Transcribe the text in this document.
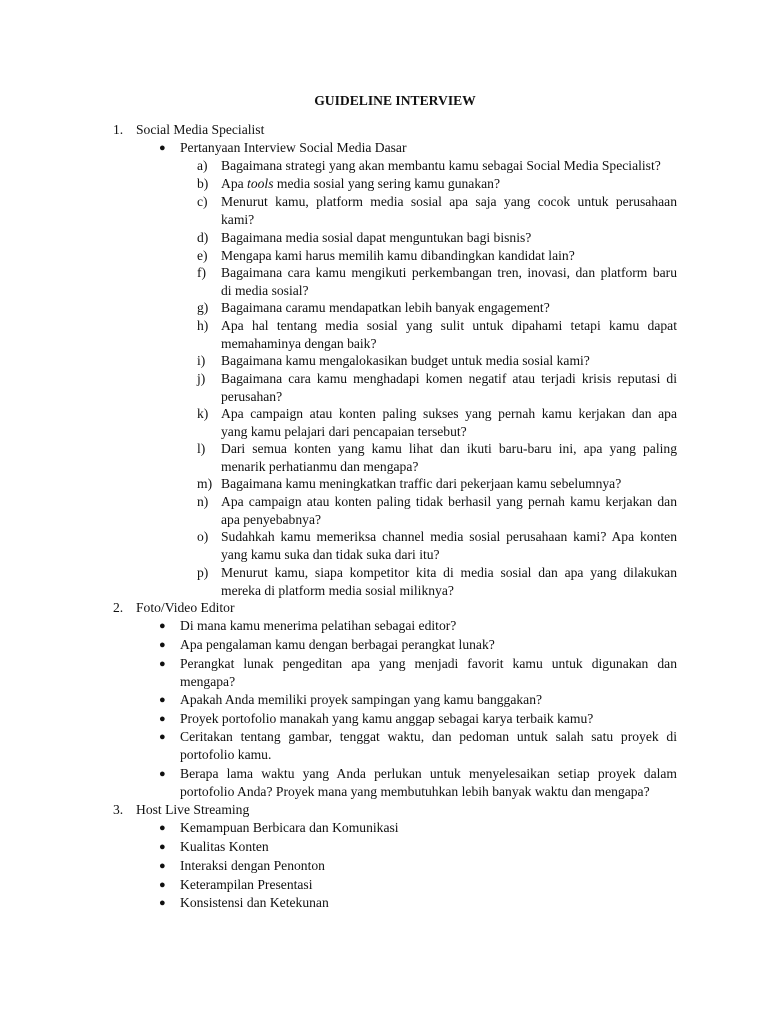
GUIDELINE INTERVIEW
1. Social Media Specialist
● Pertanyaan Interview Social Media Dasar
a) Bagaimana strategi yang akan membantu kamu sebagai Social Media Specialist?
b) Apa tools media sosial yang sering kamu gunakan?
c) Menurut kamu, platform media sosial apa saja yang cocok untuk perusahaan
kami?
d) Bagaimana media sosial dapat menguntukan bagi bisnis?
e) Mengapa kami harus memilih kamu dibandingkan kandidat lain?
f) Bagaimana cara kamu mengikuti perkembangan tren, inovasi, dan platform baru
di media sosial?
g) Bagaimana caramu mendapatkan lebih banyak engagement?
h) Apa hal tentang media sosial yang sulit untuk dipahami tetapi kamu dapat
memahaminya dengan baik?
i) Bagaimana kamu mengalokasikan budget untuk media sosial kami?
j) Bagaimana cara kamu menghadapi komen negatif atau terjadi krisis reputasi di
perusahan?
k) Apa campaign atau konten paling sukses yang pernah kamu kerjakan dan apa
yang kamu pelajari dari pencapaian tersebut?
l) Dari semua konten yang kamu lihat dan ikuti baru-baru ini, apa yang paling
menarik perhatianmu dan mengapa?
m) Bagaimana kamu meningkatkan traffic dari pekerjaan kamu sebelumnya?
n) Apa campaign atau konten paling tidak berhasil yang pernah kamu kerjakan dan
apa penyebabnya?
o) Sudahkah kamu memeriksa channel media sosial perusahaan kami? Apa konten
yang kamu suka dan tidak suka dari itu?
p) Menurut kamu, siapa kompetitor kita di media sosial dan apa yang dilakukan
mereka di platform media sosial miliknya?
2. Foto/Video Editor
● Di mana kamu menerima pelatihan sebagai editor?
● Apa pengalaman kamu dengan berbagai perangkat lunak?
● Perangkat lunak pengeditan apa yang menjadi favorit kamu untuk digunakan dan
mengapa?
● Apakah Anda memiliki proyek sampingan yang kamu banggakan?
● Proyek portofolio manakah yang kamu anggap sebagai karya terbaik kamu?
● Ceritakan tentang gambar, tenggat waktu, dan pedoman untuk salah satu proyek di
portofolio kamu.
● Berapa lama waktu yang Anda perlukan untuk menyelesaikan setiap proyek dalam
portofolio Anda? Proyek mana yang membutuhkan lebih banyak waktu dan mengapa?
3. Host Live Streaming
● Kemampuan Berbicara dan Komunikasi
● Kualitas Konten
● Interaksi dengan Penonton
● Keterampilan Presentasi
● Konsistensi dan Ketekunan
